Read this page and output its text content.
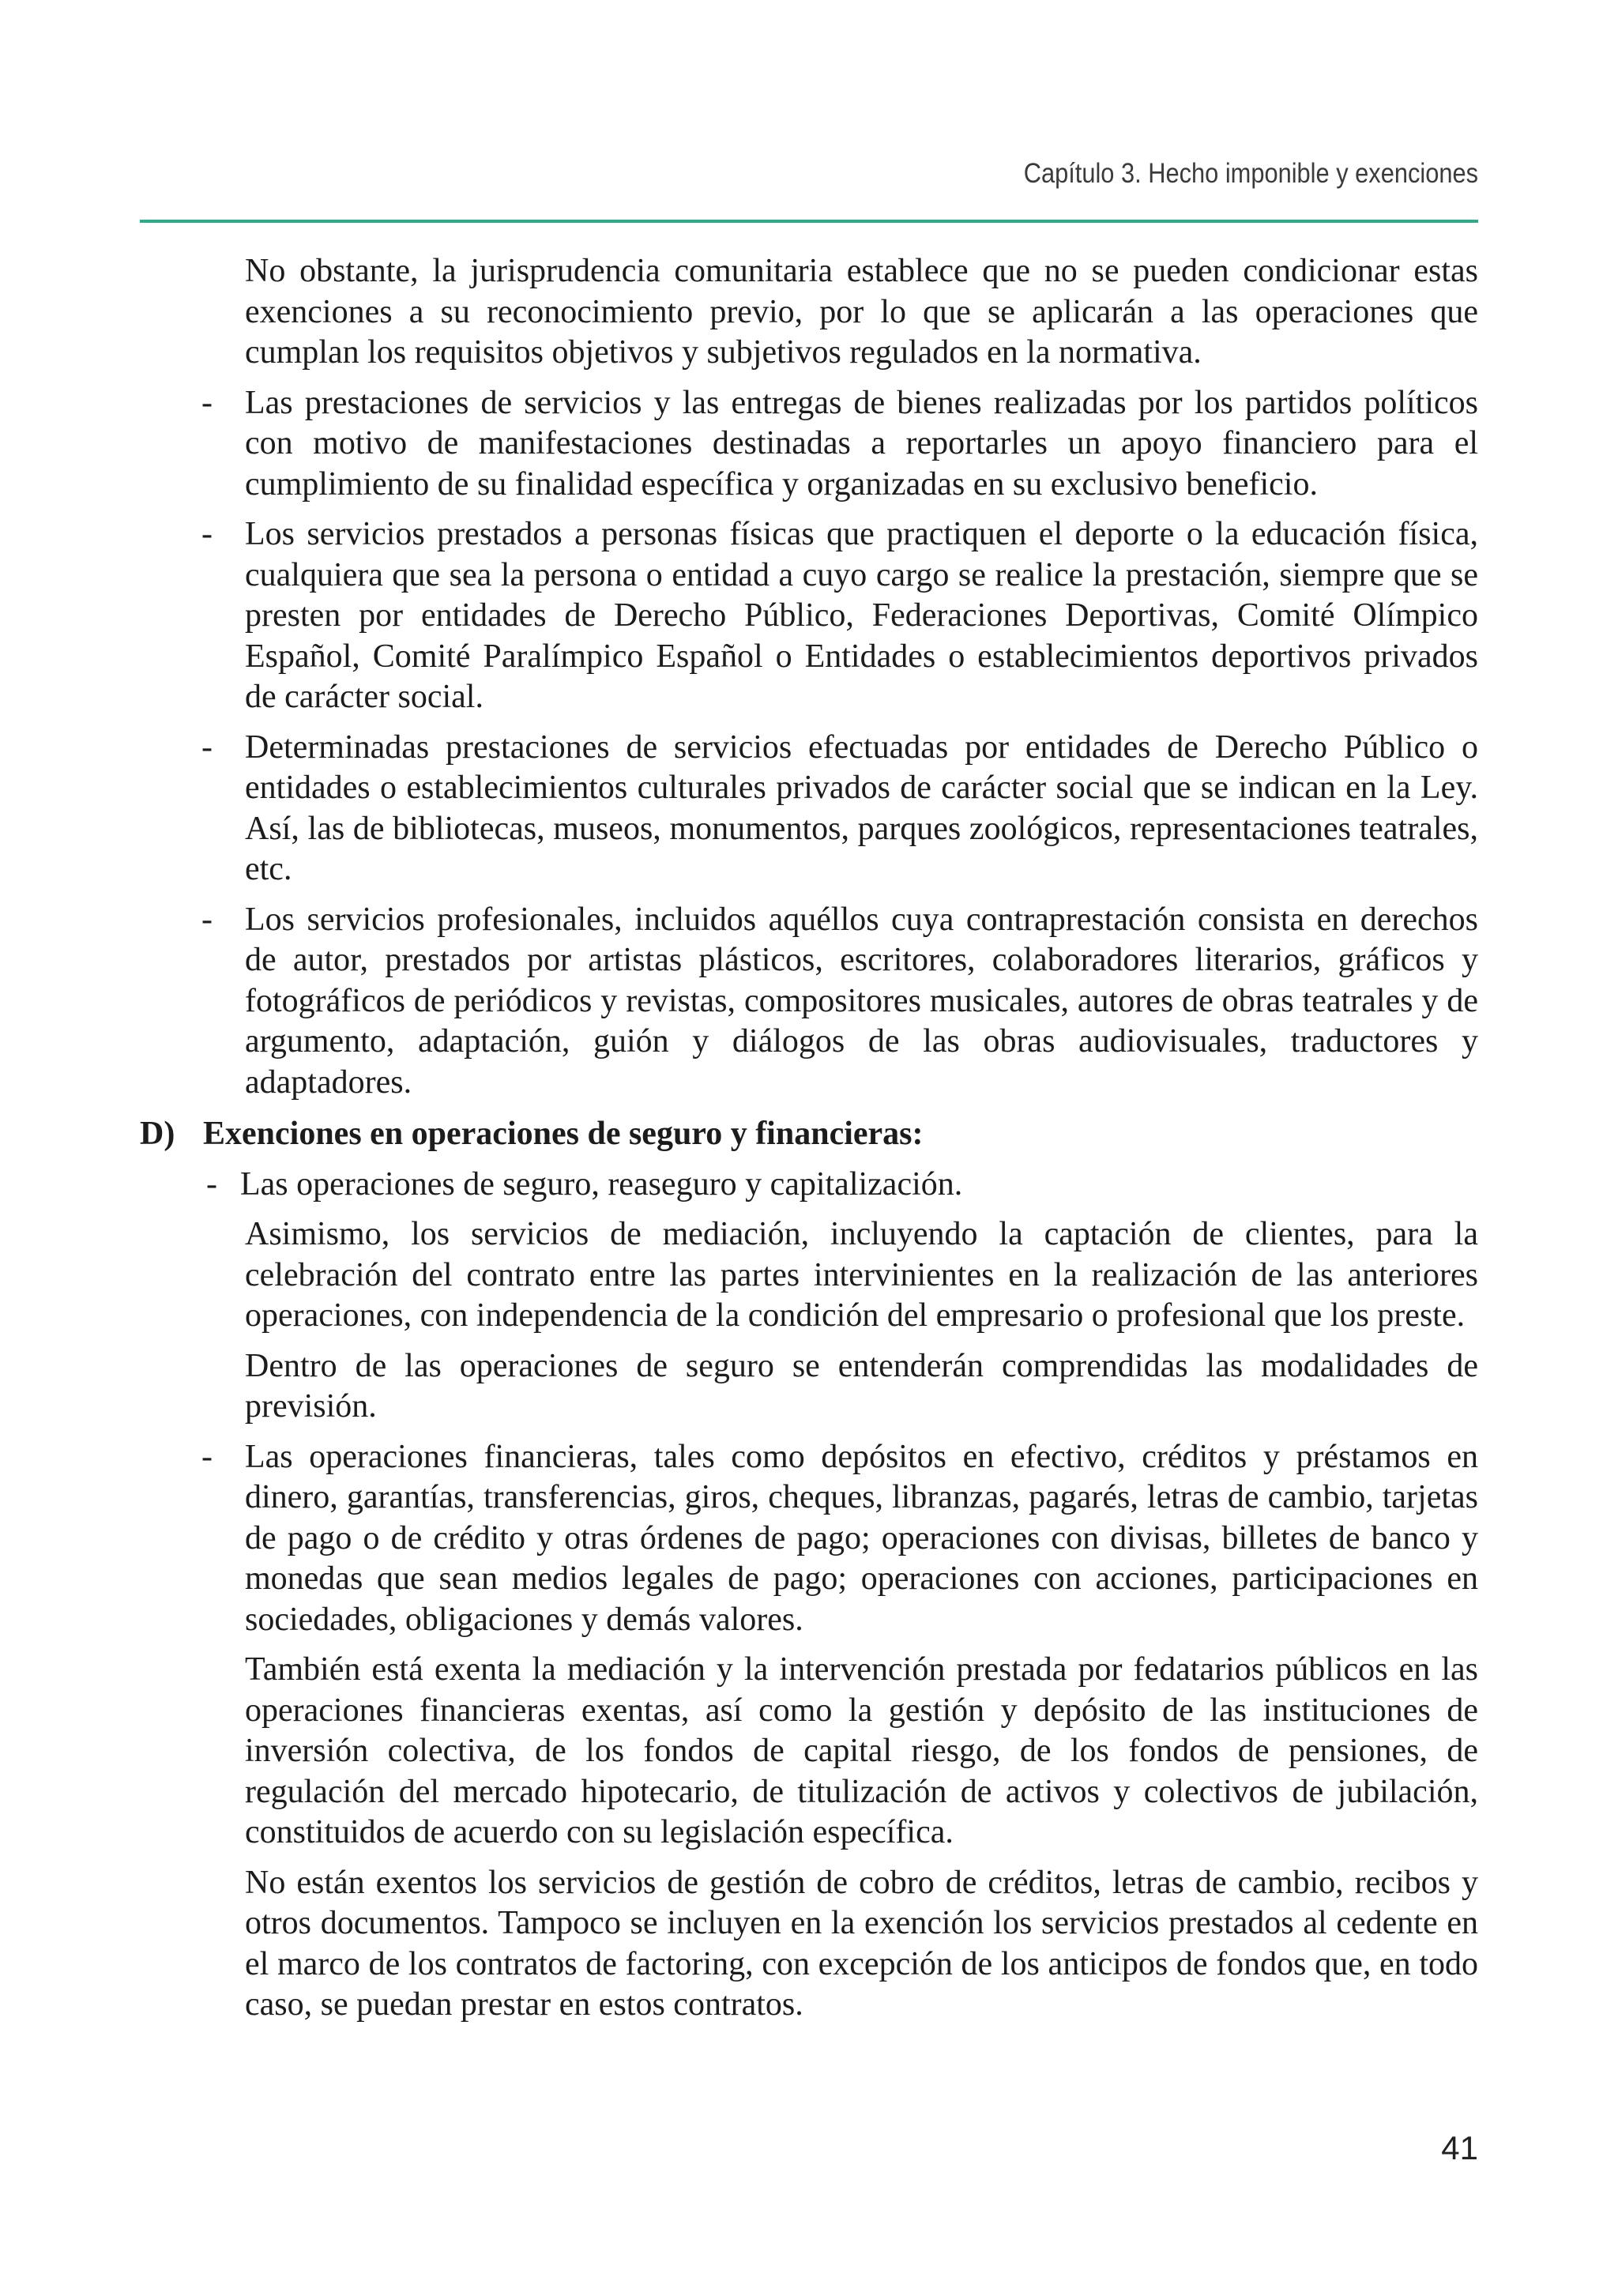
Capítulo 3. Hecho imponible y exenciones

No obstante, la jurisprudencia comunitaria establece que no se pueden condicionar estas exenciones a su reconocimiento previo, por lo que se aplicarán a las operaciones que cumplan los requisitos objetivos y subjetivos regulados en la normativa.

- Las prestaciones de servicios y las entregas de bienes realizadas por los partidos políticos con motivo de manifestaciones destinadas a reportarles un apoyo financiero para el cumplimiento de su finalidad específica y organizadas en su exclusivo beneficio.
- Los servicios prestados a personas físicas que practiquen el deporte o la educación física, cualquiera que sea la persona o entidad a cuyo cargo se realice la prestación, siempre que se presten por entidades de Derecho Público, Federaciones Deportivas, Comité Olímpico Español, Comité Paralímpico Español o Entidades o establecimientos deportivos privados de carácter social.
- Determinadas prestaciones de servicios efectuadas por entidades de Derecho Público o entidades o establecimientos culturales privados de carácter social que se indican en la Ley. Así, las de bibliotecas, museos, monumentos, parques zoológicos, representaciones teatrales, etc.
- Los servicios profesionales, incluidos aquéllos cuya contraprestación consista en derechos de autor, prestados por artistas plásticos, escritores, colaboradores literarios, gráficos y fotográficos de periódicos y revistas, compositores musicales, autores de obras teatrales y de argumento, adaptación, guión y diálogos de las obras audiovisuales, traductores y adaptadores.
D) Exenciones en operaciones de seguro y financieras:
- Las operaciones de seguro, reaseguro y capitalización.

Asimismo, los servicios de mediación, incluyendo la captación de clientes, para la celebración del contrato entre las partes intervinientes en la realización de las anteriores operaciones, con independencia de la condición del empresario o profesional que los preste.

Dentro de las operaciones de seguro se entenderán comprendidas las modalidades de previsión.

- Las operaciones financieras, tales como depósitos en efectivo, créditos y préstamos en dinero, garantías, transferencias, giros, cheques, libranzas, pagarés, letras de cambio, tarjetas de pago o de crédito y otras órdenes de pago; operaciones con divisas, billetes de banco y monedas que sean medios legales de pago; operaciones con acciones, participaciones en sociedades, obligaciones y demás valores.

También está exenta la mediación y la intervención prestada por fedatarios públicos en las operaciones financieras exentas, así como la gestión y depósito de las instituciones de inversión colectiva, de los fondos de capital riesgo, de los fondos de pensiones, de regulación del mercado hipotecario, de titulización de activos y colectivos de jubilación, constituidos de acuerdo con su legislación específica.

No están exentos los servicios de gestión de cobro de créditos, letras de cambio, recibos y otros documentos. Tampoco se incluyen en la exención los servicios prestados al cedente en el marco de los contratos de factoring, con excepción de los anticipos de fondos que, en todo caso, se puedan prestar en estos contratos.

41
